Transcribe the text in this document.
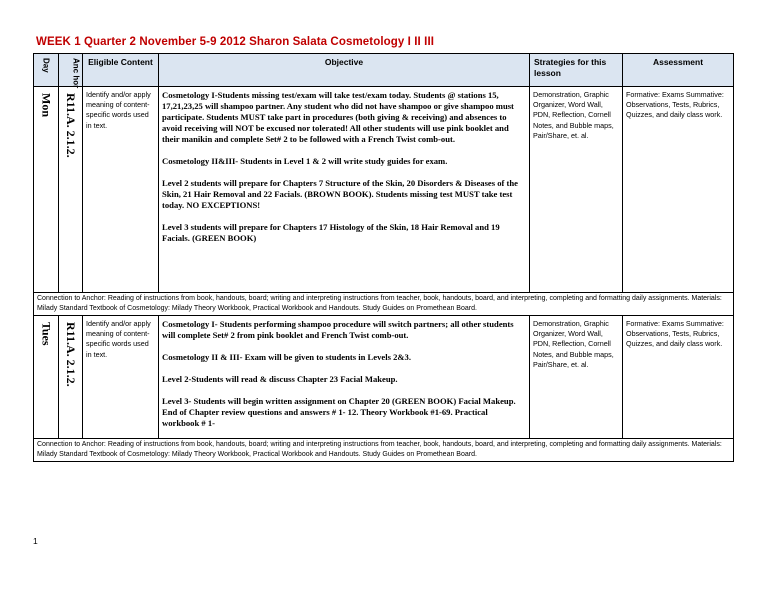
WEEK 1 Quarter 2 November 5-9 2012 Sharon Salata Cosmetology I II III
Day	Anc hor	Eligible Content	Objective	Strategies for this lesson	Assessment

Mon	R11.A. 2.1.2.	Identify and/or apply meaning of content-specific words used in text.	Cosmetology I-Students missing test/exam will take test/exam today. Students @ stations 15, 17,21,23,25 will shampoo partner. Any student who did not have shampoo or give shampoo must participate. Students MUST take part in procedures (both giving & receiving) and absences to avoid receiving will NOT be excused nor tolerated! All other students will use pink booklet and their manikin and complete Set# 2 to be followed with a French Twist comb-out.

Cosmetology II&III- Students in Level 1 & 2 will write study guides for exam.

Level 2 students will prepare for Chapters 7 Structure of the Skin, 20 Disorders & Diseases of the Skin, 21 Hair Removal and 22 Facials. (BROWN BOOK). Students missing test MUST take test today. NO EXCEPTIONS!

Level 3 students will prepare for Chapters 17 Histology of the Skin, 18 Hair Removal and 19 Facials. (GREEN BOOK)	Demonstration, Graphic Organizer, Word Wall, PDN, Reflection, Cornell Notes, and Bubble maps, Pair/Share, et. al.	Formative: Exams Summative: Observations, Tests, Rubrics, Quizzes, and daily class work.
Connection to Anchor: Reading of instructions from book, handouts, board; writing and interpreting instructions from teacher, book, handouts, board, and interpreting, completing and formatting daily assignments. Materials: Milady Standard Textbook of Cosmetology: Milady Theory Workbook, Practical Workbook and Handouts. Study Guides on Promethean Board.					

Tues	R11.A. 2.1.2.	Identify and/or apply meaning of content-specific words used in text.	Cosmetology I- Students performing shampoo procedure will switch partners; all other students will complete Set# 2 from pink booklet and French Twist comb-out.

Cosmetology II & III- Exam will be given to students in Levels 2&3.

Level 2-Students will read & discuss Chapter 23 Facial Makeup.

Level 3- Students will begin written assignment on Chapter 20 (GREEN BOOK) Facial Makeup. End of Chapter review questions and answers # 1- 12. Theory Workbook #1-69. Practical workbook # 1-	Demonstration, Graphic Organizer, Word Wall, PDN, Reflection, Cornell Notes, and Bubble maps, Pair/Share, et. al.	Formative: Exams Summative: Observations, Tests, Rubrics, Quizzes, and daily class work.
Connection to Anchor: Reading of instructions from book, handouts, board; writing and interpreting instructions from teacher, book, handouts, board, and interpreting, completing and formatting daily assignments. Materials: Milady Standard Textbook of Cosmetology: Milady Theory Workbook, Practical Workbook and Handouts. Study Guides on Promethean Board.					
1
